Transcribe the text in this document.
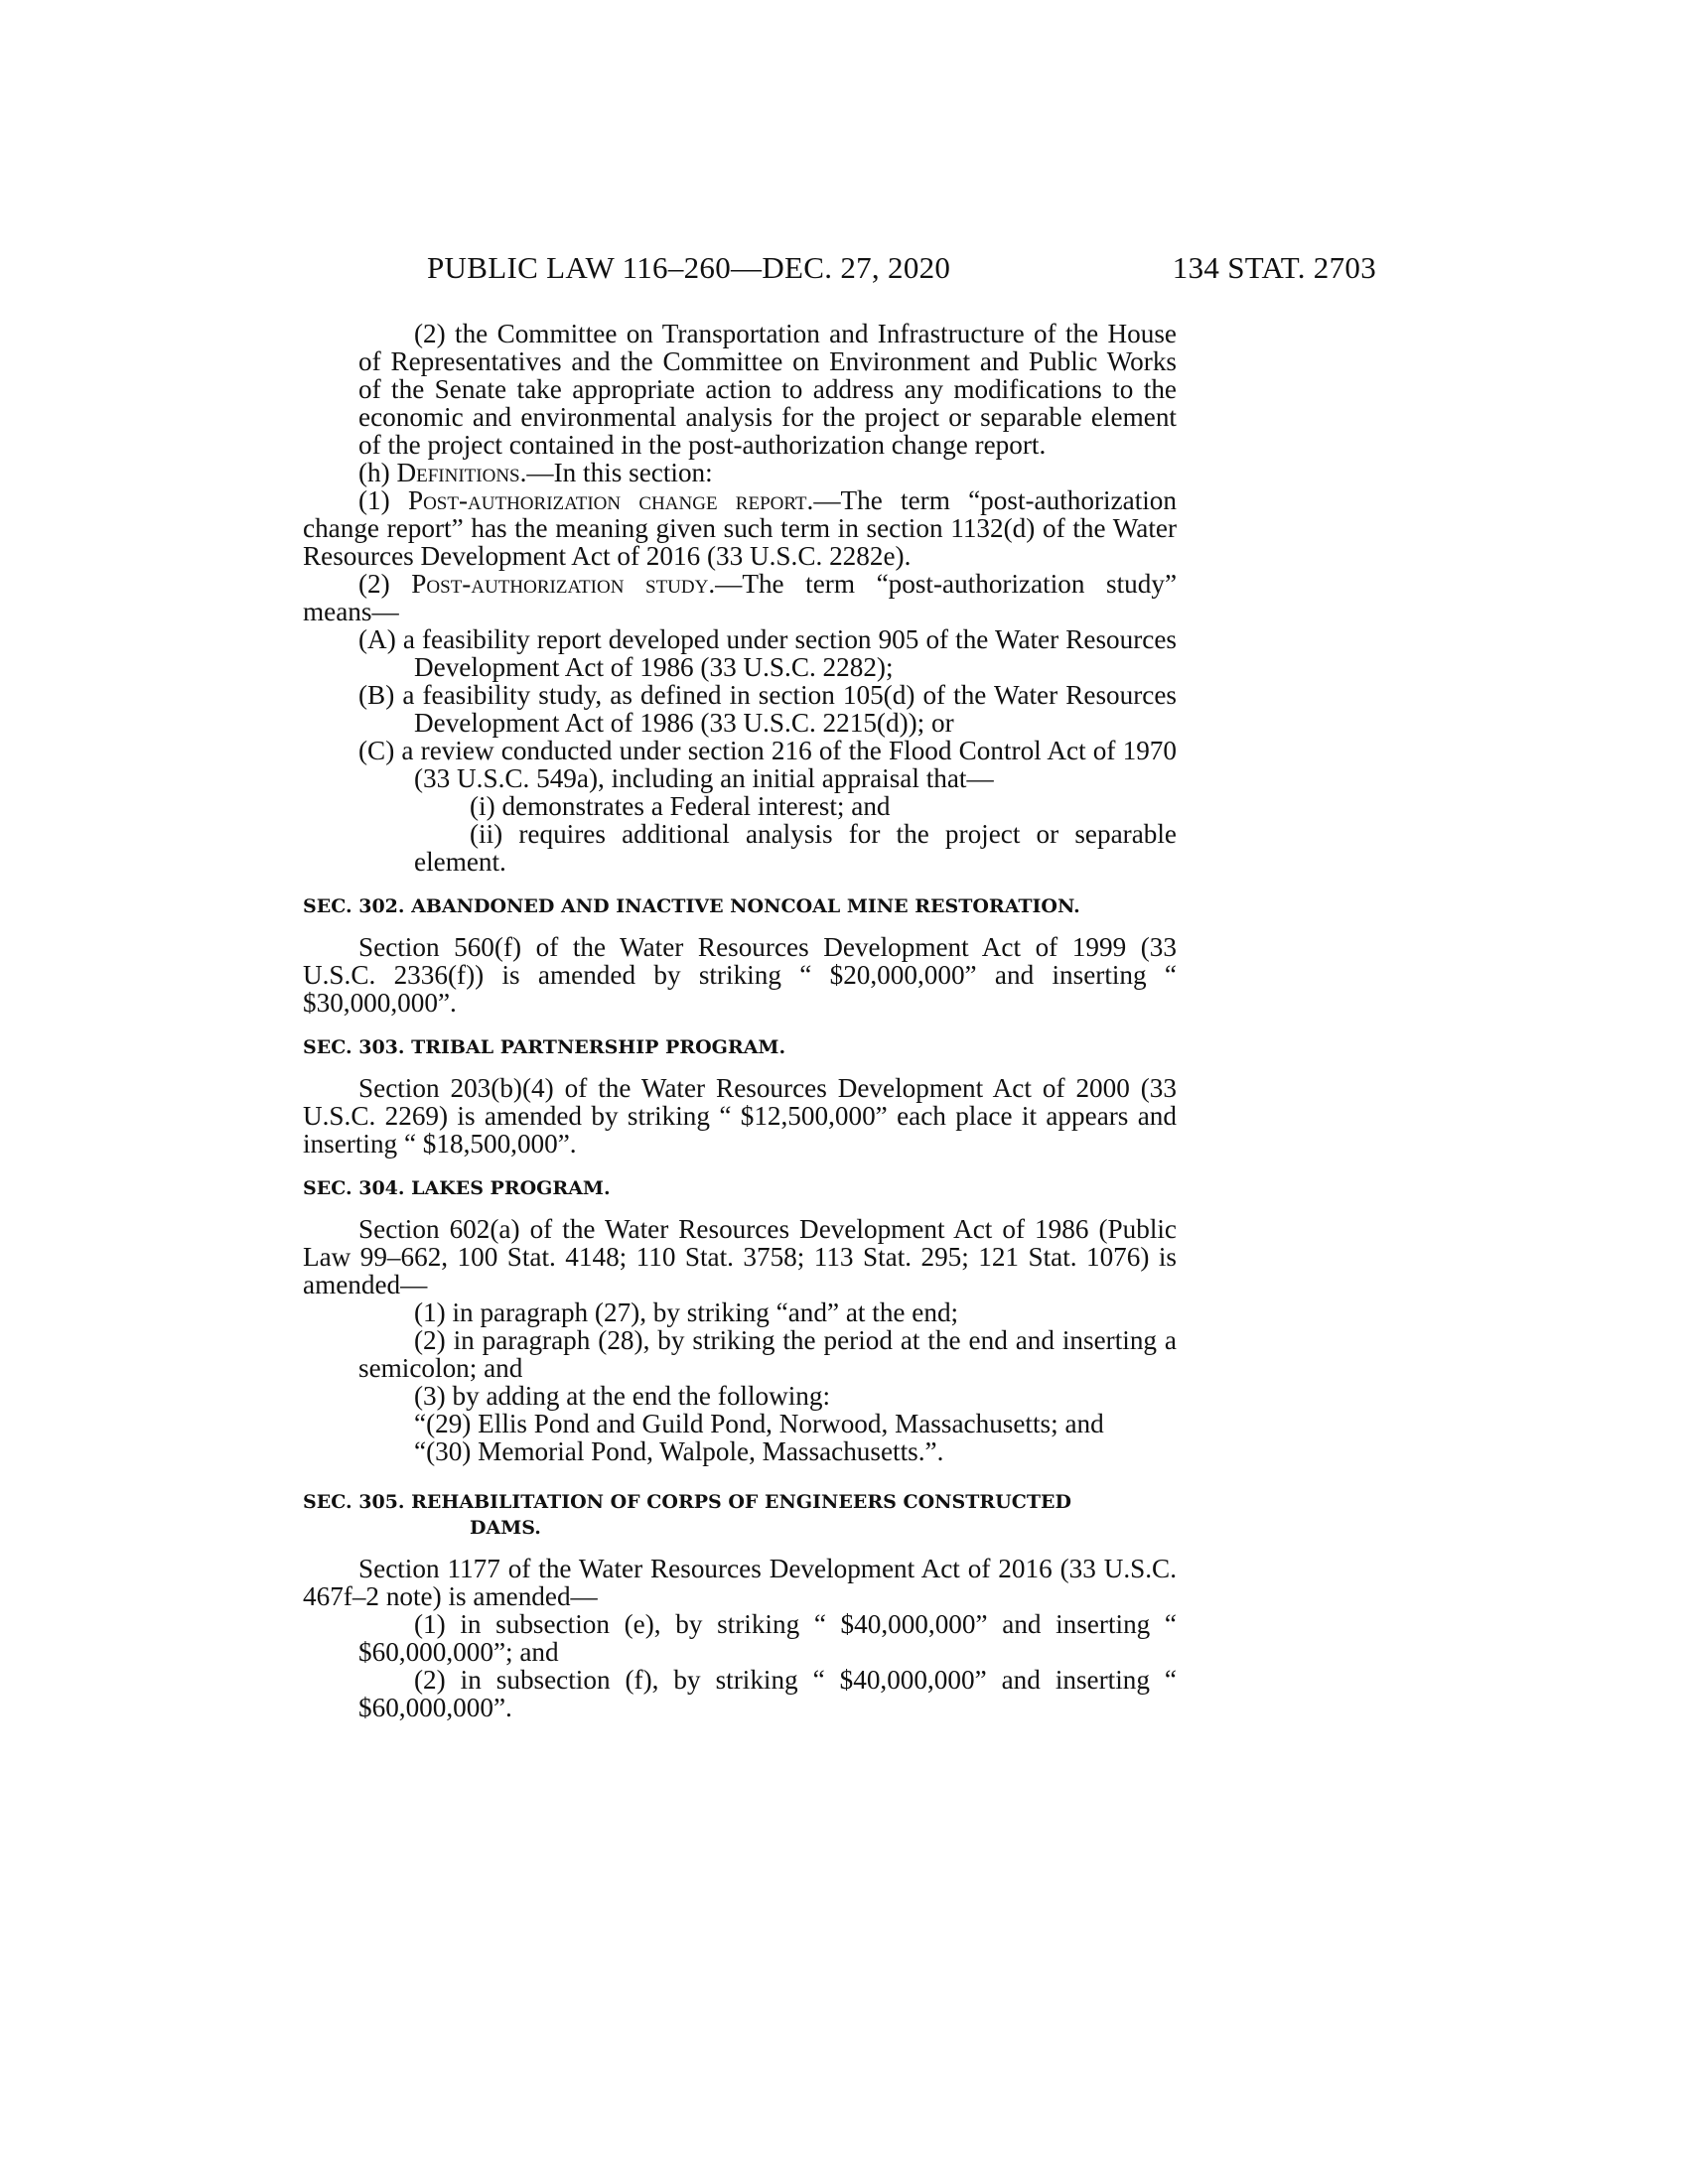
PUBLIC LAW 116–260—DEC. 27, 2020	134 STAT. 2703

(2) the Committee on Transportation and Infrastructure of the House of Representatives and the Committee on Environment and Public Works of the Senate take appropriate action to address any modifications to the economic and environmental analysis for the project or separable element of the project contained in the post-authorization change report.

(h) Definitions.—In this section:

(1) Post-authorization change report.—The term “post-authorization change report” has the meaning given such term in section 1132(d) of the Water Resources Development Act of 2016 (33 U.S.C. 2282e).

(2) Post-authorization study.—The term “post-authorization study” means—

(A) a feasibility report developed under section 905 of the Water Resources Development Act of 1986 (33 U.S.C. 2282);

(B) a feasibility study, as defined in section 105(d) of the Water Resources Development Act of 1986 (33 U.S.C. 2215(d)); or

(C) a review conducted under section 216 of the Flood Control Act of 1970 (33 U.S.C. 549a), including an initial appraisal that—

(i) demonstrates a Federal interest; and

(ii) requires additional analysis for the project or separable element.

SEC. 302. ABANDONED AND INACTIVE NONCOAL MINE RESTORATION.

Section 560(f) of the Water Resources Development Act of 1999 (33 U.S.C. 2336(f)) is amended by striking “ $20,000,000” and inserting “ $30,000,000”.

SEC. 303. TRIBAL PARTNERSHIP PROGRAM.

Section 203(b)(4) of the Water Resources Development Act of 2000 (33 U.S.C. 2269) is amended by striking “ $12,500,000” each place it appears and inserting “ $18,500,000”.

SEC. 304. LAKES PROGRAM.

Section 602(a) of the Water Resources Development Act of 1986 (Public Law 99–662, 100 Stat. 4148; 110 Stat. 3758; 113 Stat. 295; 121 Stat. 1076) is amended—

(1) in paragraph (27), by striking “and” at the end;

(2) in paragraph (28), by striking the period at the end and inserting a semicolon; and

(3) by adding at the end the following:

“(29) Ellis Pond and Guild Pond, Norwood, Massachusetts; and

“(30) Memorial Pond, Walpole, Massachusetts.”.

SEC. 305. REHABILITATION OF CORPS OF ENGINEERS CONSTRUCTED
DAMS.

Section 1177 of the Water Resources Development Act of 2016 (33 U.S.C. 467f–2 note) is amended—

(1) in subsection (e), by striking “ $40,000,000” and inserting “ $60,000,000”; and

(2) in subsection (f), by striking “ $40,000,000” and inserting “ $60,000,000”.
